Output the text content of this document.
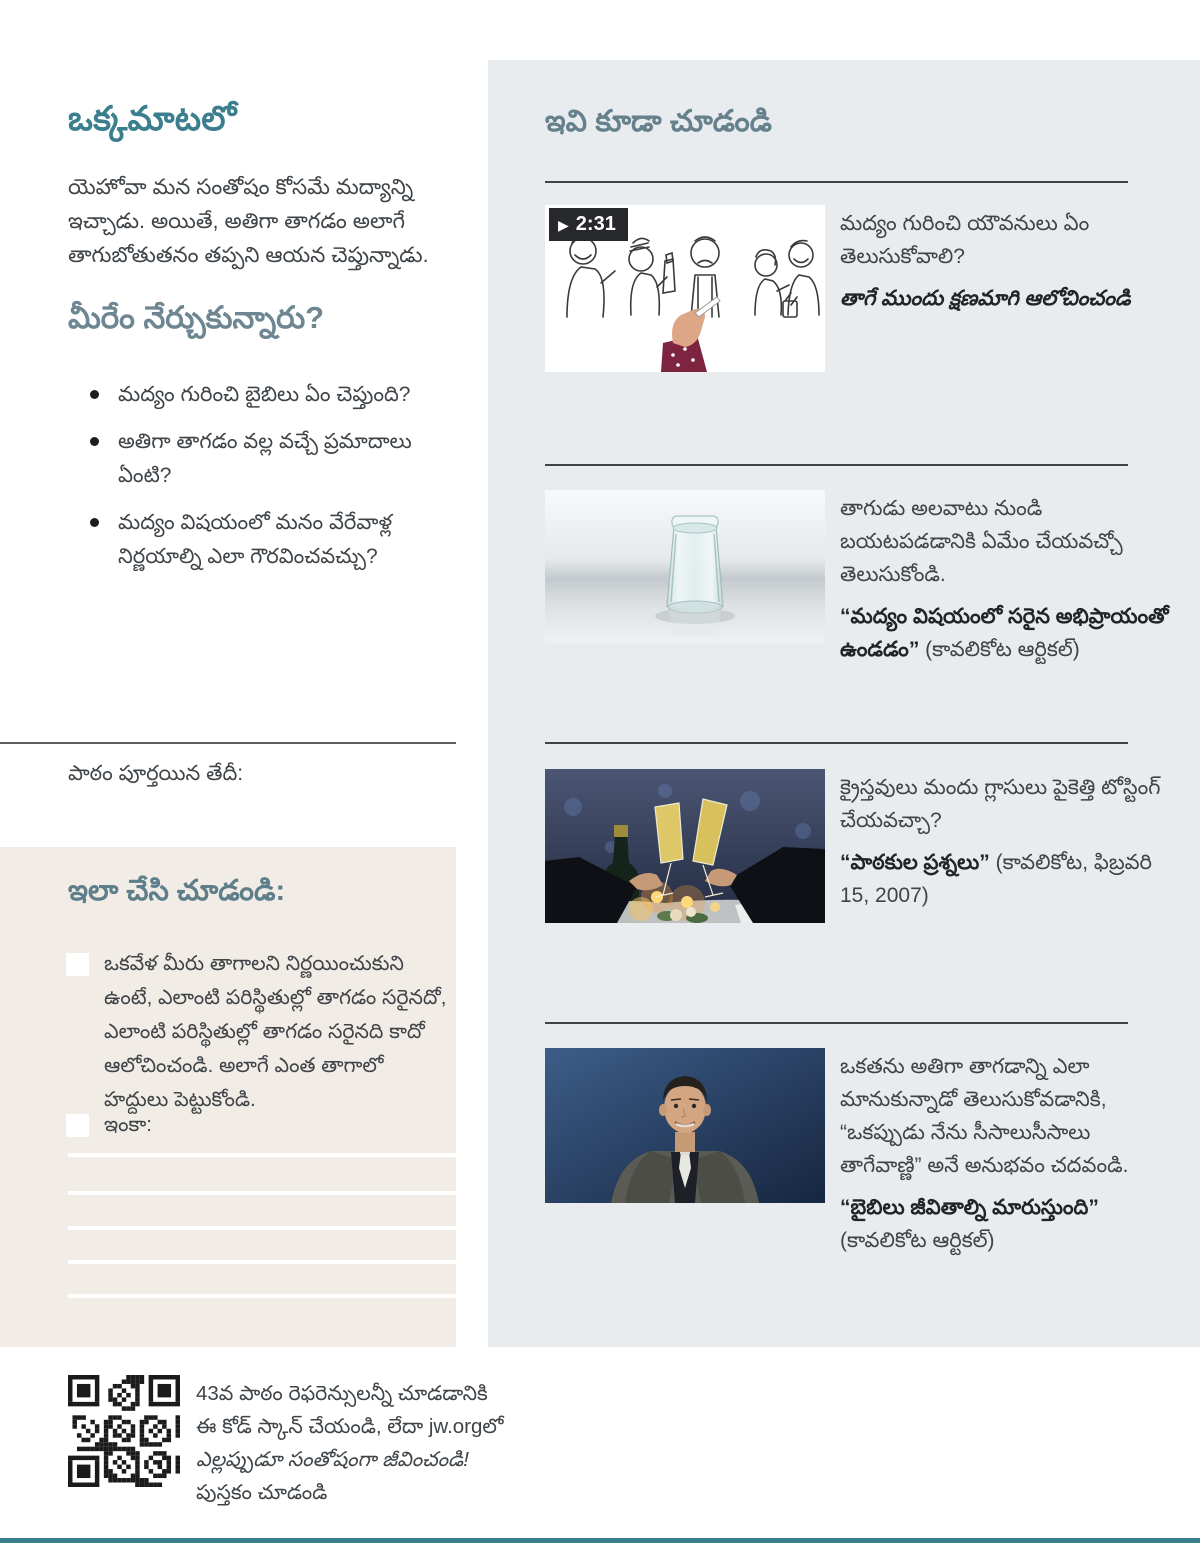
ఒక్కమాటలో

యెహోవా మన సంతోషం కోసమే మద్యాన్ని ఇచ్చాడు. అయితే, అతిగా తాగడం అలాగే తాగుబోతుతనం తప్పని ఆయన చెప్తున్నాడు.

మీరేం నేర్చుకున్నారు?
మద్యం గురించి బైబిలు ఏం చెప్తుంది?
అతిగా తాగడం వల్ల వచ్చే ప్రమాదాలు ఏంటి?
మద్యం విషయంలో మనం వేరేవాళ్ల నిర్ణయాల్ని ఎలా గౌరవించవచ్చు?

పాఠం పూర్తయిన తేదీ:

ఇలా చేసి చూడండి:

ఒకవేళ మీరు తాగాలని నిర్ణయించుకుని ఉంటే, ఎలాంటి పరిస్థితుల్లో తాగడం సరైనదో, ఎలాంటి పరిస్థితుల్లో తాగడం సరైనది కాదో ఆలోచించండి. అలాగే ఎంత తాగాలో హద్దులు పెట్టుకోండి.

ఇంకా:

43వ పాఠం రెఫరెన్సులన్నీ చూడడానికి

ఈ కోడ్ స్కాన్ చేయండి, లేదా jw.orgలో

ఎల్లప్పుడూ సంతోషంగా జీవించండి!

పుస్తకం చూడండి

ఇవి కూడా చూడండి
▶ 2:31	మద్యం గురించి యౌవనులు ఏం తెలుసుకోవాలి?

తాగే ముందు క్షణమాగి ఆలోచించండి

తాగుడు అలవాటు నుండి బయటపడడానికి ఏమేం చేయవచ్చో తెలుసుకోండి.

“మద్యం విషయంలో సరైన అభిప్రాయంతో ఉండడం” (కావలికోట ఆర్టికల్)

క్రైస్తవులు మందు గ్లాసులు పైకెత్తి టోస్టింగ్ చేయవచ్చా?

“పాఠకుల ప్రశ్నలు” (కావలికోట, ఫిబ్రవరి 15, 2007)

ఒకతను అతిగా తాగడాన్ని ఎలా మానుకున్నాడో తెలుసుకోవడానికి, “ఒకప్పుడు నేను సీసాలుసీసాలు తాగేవాణ్ణి” అనే అనుభవం చదవండి.

“బైబిలు జీవితాల్ని మారుస్తుంది” (కావలికోట ఆర్టికల్)
